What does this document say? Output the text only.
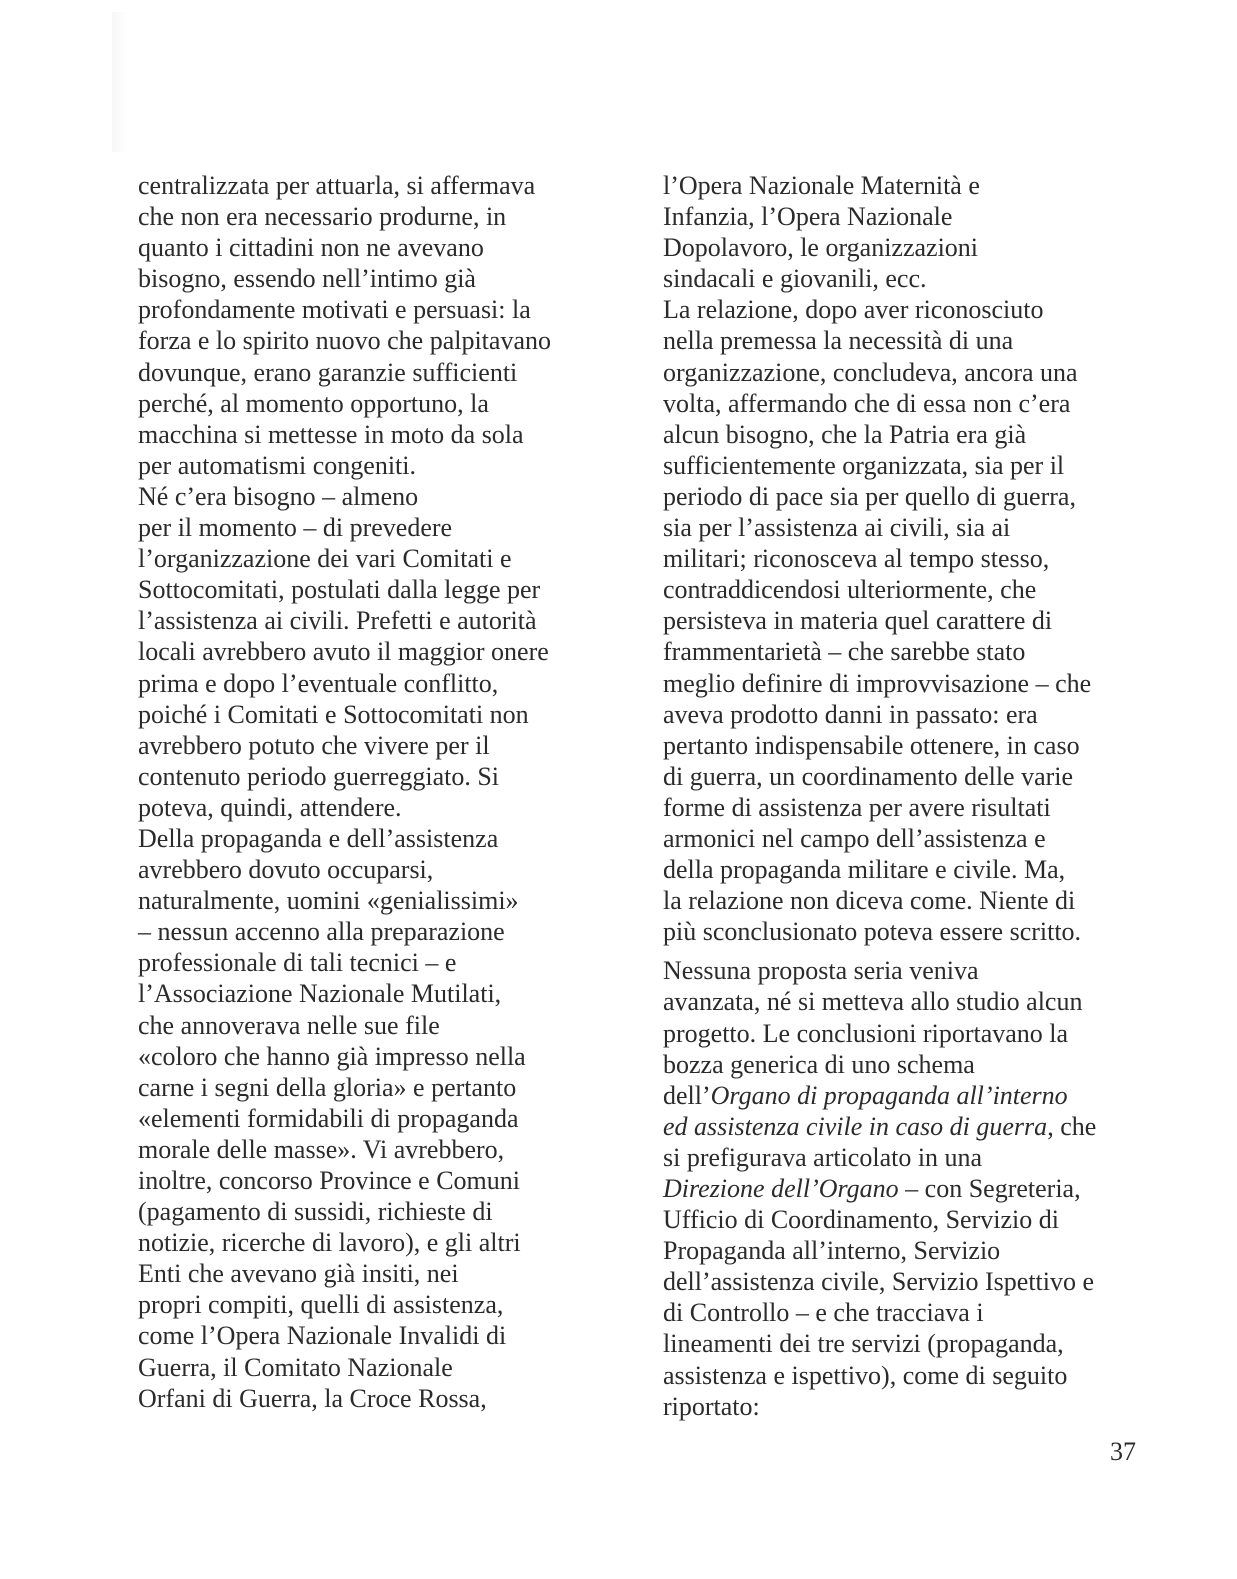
centralizzata per attuarla, si affermava
che non era necessario produrne, in
quanto i cittadini non ne avevano
bisogno, essendo nell’intimo già
profondamente motivati e persuasi: la
forza e lo spirito nuovo che palpitavano
dovunque, erano garanzie sufficienti
perché, al momento opportuno, la
macchina si mettesse in moto da sola
per automatismi congeniti.

Né c’era bisogno – almeno
per il momento – di prevedere
l’organizzazione dei vari Comitati e
Sottocomitati, postulati dalla legge per
l’assistenza ai civili. Prefetti e autorità
locali avrebbero avuto il maggior onere
prima e dopo l’eventuale conflitto,
poiché i Comitati e Sottocomitati non
avrebbero potuto che vivere per il
contenuto periodo guerreggiato. Si
poteva, quindi, attendere.

Della propaganda e dell’assistenza
avrebbero dovuto occuparsi,
naturalmente, uomini «genialissimi»
– nessun accenno alla preparazione
professionale di tali tecnici – e
l’Associazione Nazionale Mutilati,
che annoverava nelle sue file
«coloro che hanno già impresso nella
carne i segni della gloria» e pertanto
«elementi formidabili di propaganda
morale delle masse». Vi avrebbero,
inoltre, concorso Province e Comuni
(pagamento di sussidi, richieste di
notizie, ricerche di lavoro), e gli altri
Enti che avevano già insiti, nei
propri compiti, quelli di assistenza,
come l’Opera Nazionale Invalidi di
Guerra, il Comitato Nazionale
Orfani di Guerra, la Croce Rossa,

l’Opera Nazionale Maternità e
Infanzia, l’Opera Nazionale
Dopolavoro, le organizzazioni
sindacali e giovanili, ecc.

La relazione, dopo aver riconosciuto
nella premessa la necessità di una
organizzazione, concludeva, ancora una
volta, affermando che di essa non c’era
alcun bisogno, che la Patria era già
sufficientemente organizzata, sia per il
periodo di pace sia per quello di guerra,
sia per l’assistenza ai civili, sia ai
militari; riconosceva al tempo stesso,
contraddicendosi ulteriormente, che
persisteva in materia quel carattere di
frammentarietà – che sarebbe stato
meglio definire di improvvisazione – che
aveva prodotto danni in passato: era
pertanto indispensabile ottenere, in caso
di guerra, un coordinamento delle varie
forme di assistenza per avere risultati
armonici nel campo dell’assistenza e
della propaganda militare e civile. Ma,
la relazione non diceva come. Niente di
più sconclusionato poteva essere scritto.

Nessuna proposta seria veniva
avanzata, né si metteva allo studio alcun
progetto. Le conclusioni riportavano la
bozza generica di uno schema
dell’Organo di propaganda all’interno
ed assistenza civile in caso di guerra, che
si prefigurava articolato in una
Direzione dell’Organo – con Segreteria,
Ufficio di Coordinamento, Servizio di
Propaganda all’interno, Servizio
dell’assistenza civile, Servizio Ispettivo e
di Controllo – e che tracciava i
lineamenti dei tre servizi (propaganda,
assistenza e ispettivo), come di seguito
riportato:

37
